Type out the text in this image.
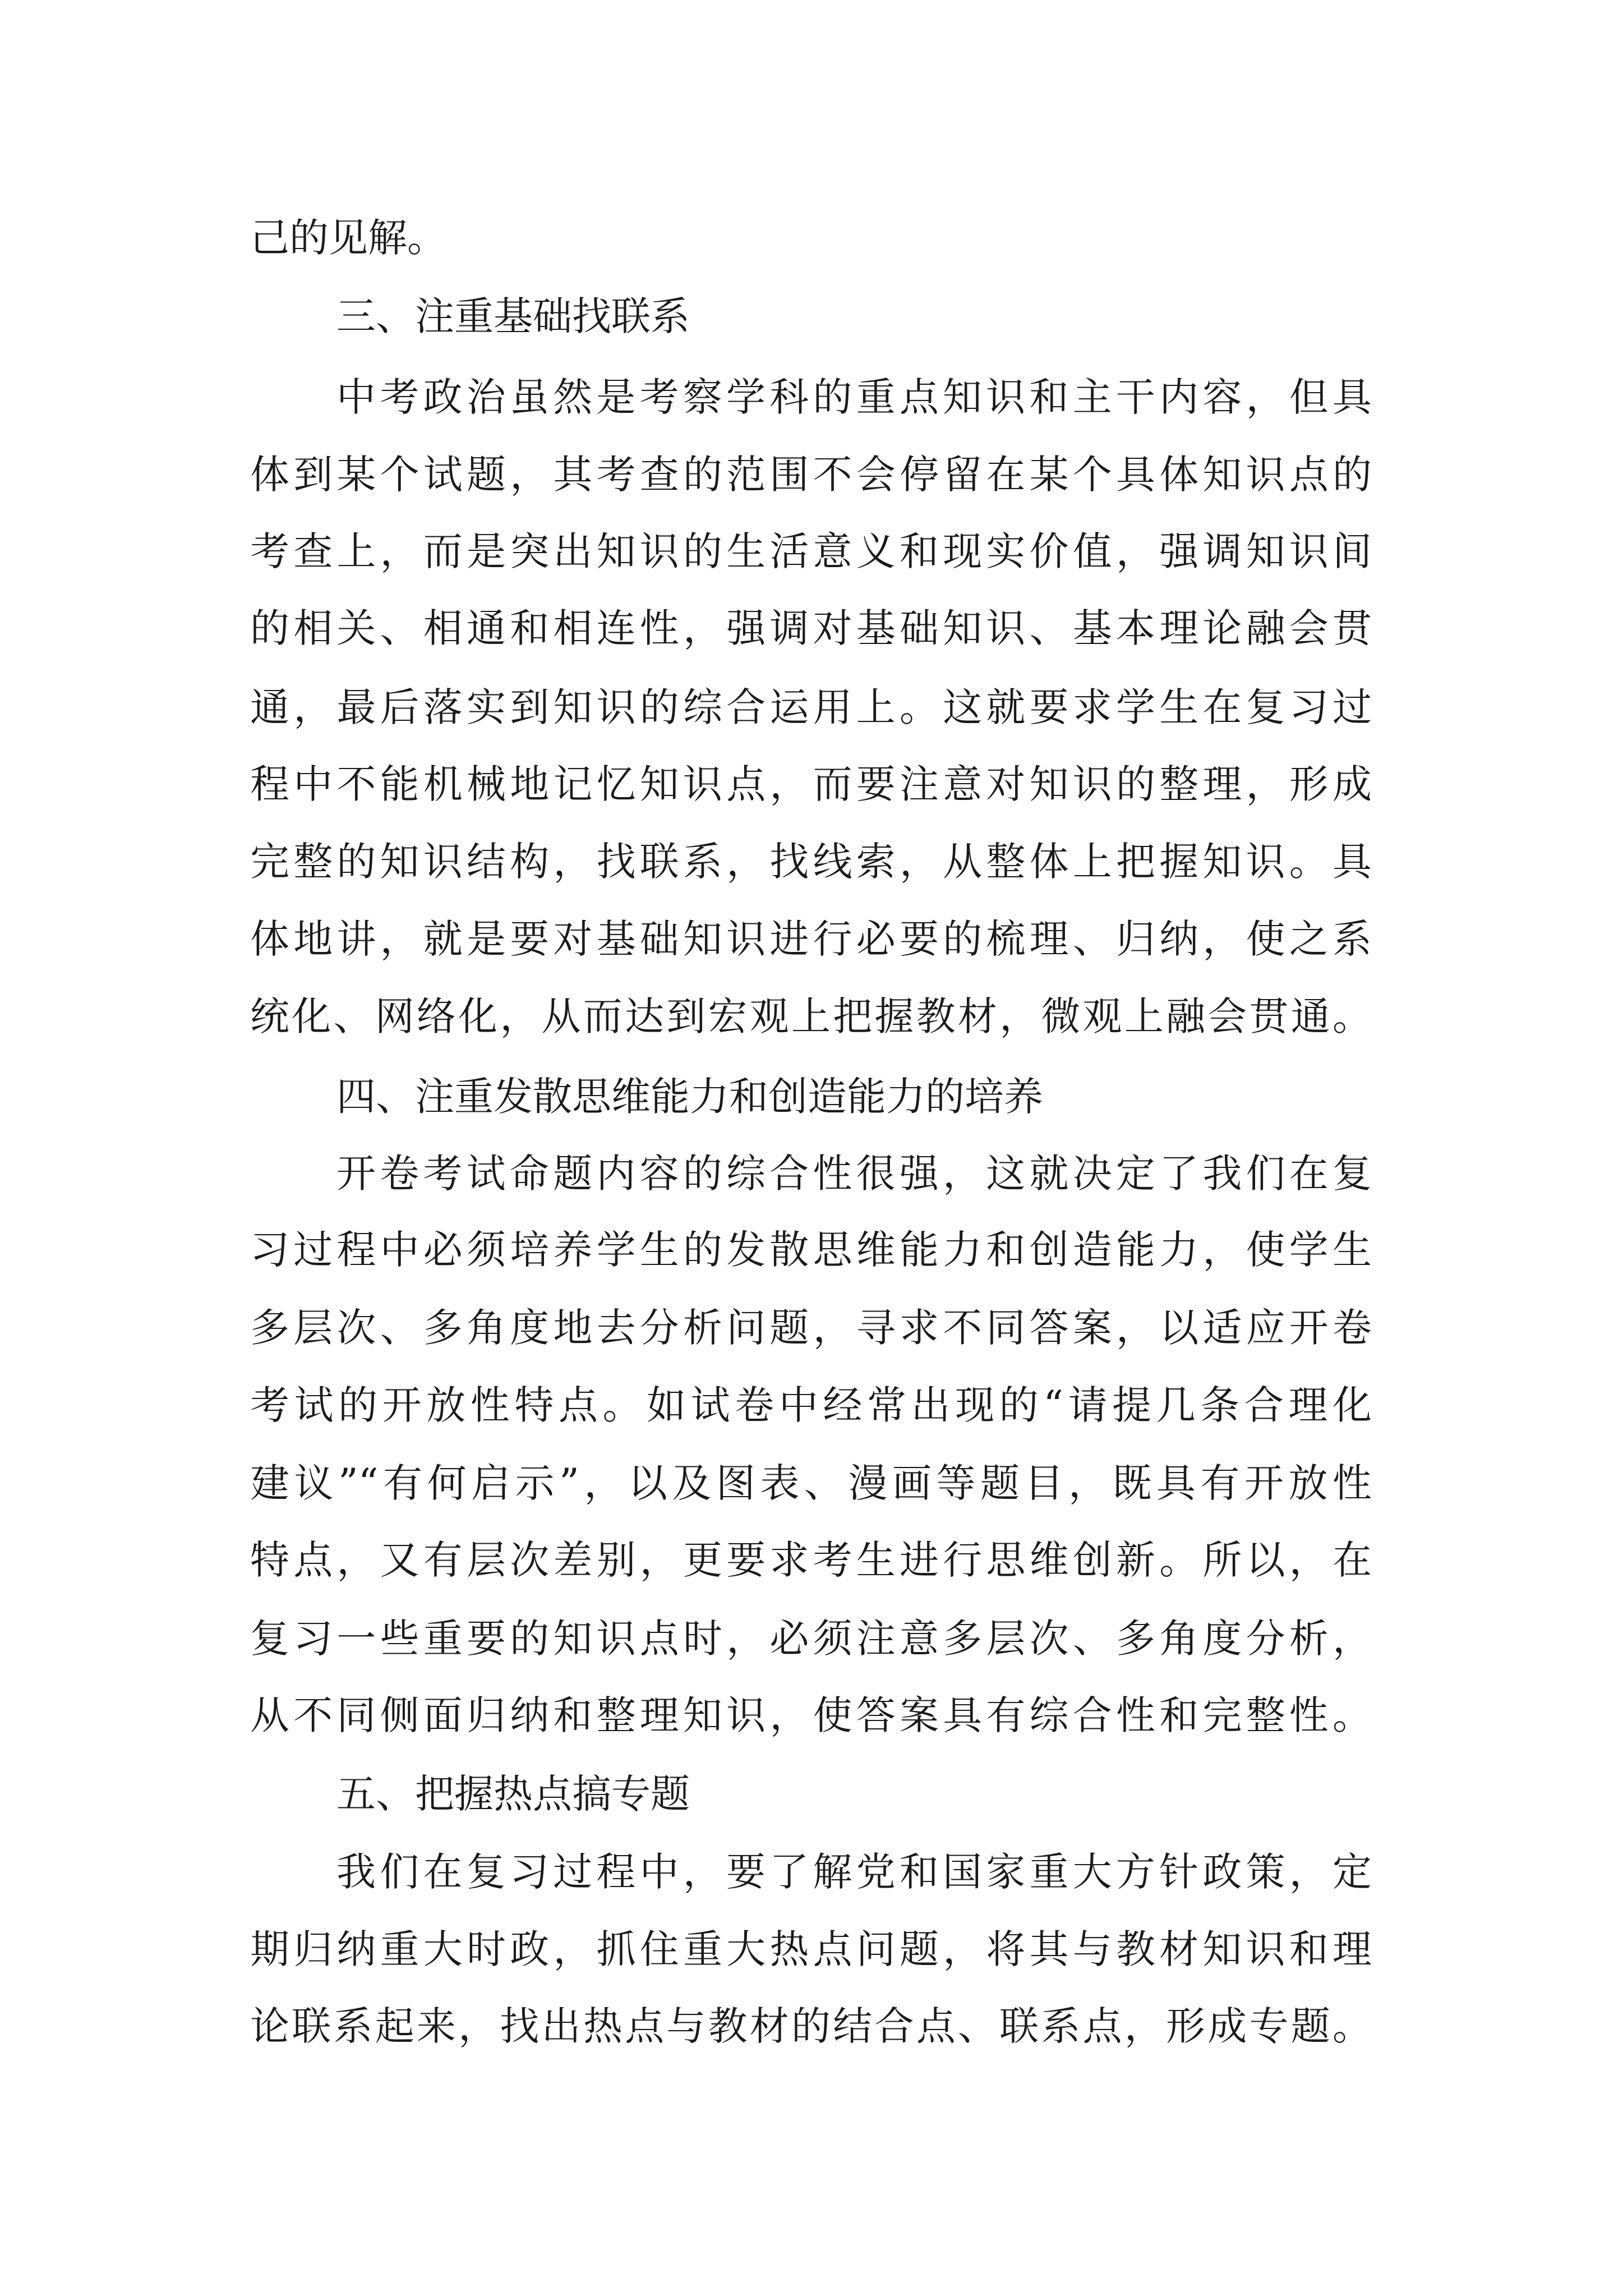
己的见解。
三、注重基础找联系
中考政治虽然是考察学科的重点知识和主干内容，但具
体到某个试题，其考查的范围不会停留在某个具体知识点的
考查上，而是突出知识的生活意义和现实价值，强调知识间
的相关、相通和相连性，强调对基础知识、基本理论融会贯
通，最后落实到知识的综合运用上。这就要求学生在复习过
程中不能机械地记忆知识点，而要注意对知识的整理，形成
完整的知识结构，找联系，找线索，从整体上把握知识。具
体地讲，就是要对基础知识进行必要的梳理、归纳，使之系
统化、网络化，从而达到宏观上把握教材，微观上融会贯通。
四、注重发散思维能力和创造能力的培养
开卷考试命题内容的综合性很强，这就决定了我们在复
习过程中必须培养学生的发散思维能力和创造能力，使学生
多层次、多角度地去分析问题，寻求不同答案，以适应开卷
考试的开放性特点。如试卷中经常出现的“请提几条合理化
建议”“有何启示”，以及图表、漫画等题目，既具有开放性
特点，又有层次差别，更要求考生进行思维创新。所以，在
复习一些重要的知识点时，必须注意多层次、多角度分析，
从不同侧面归纳和整理知识，使答案具有综合性和完整性。
五、把握热点搞专题
我们在复习过程中，要了解党和国家重大方针政策，定
期归纳重大时政，抓住重大热点问题，将其与教材知识和理
论联系起来，找出热点与教材的结合点、联系点，形成专题。
